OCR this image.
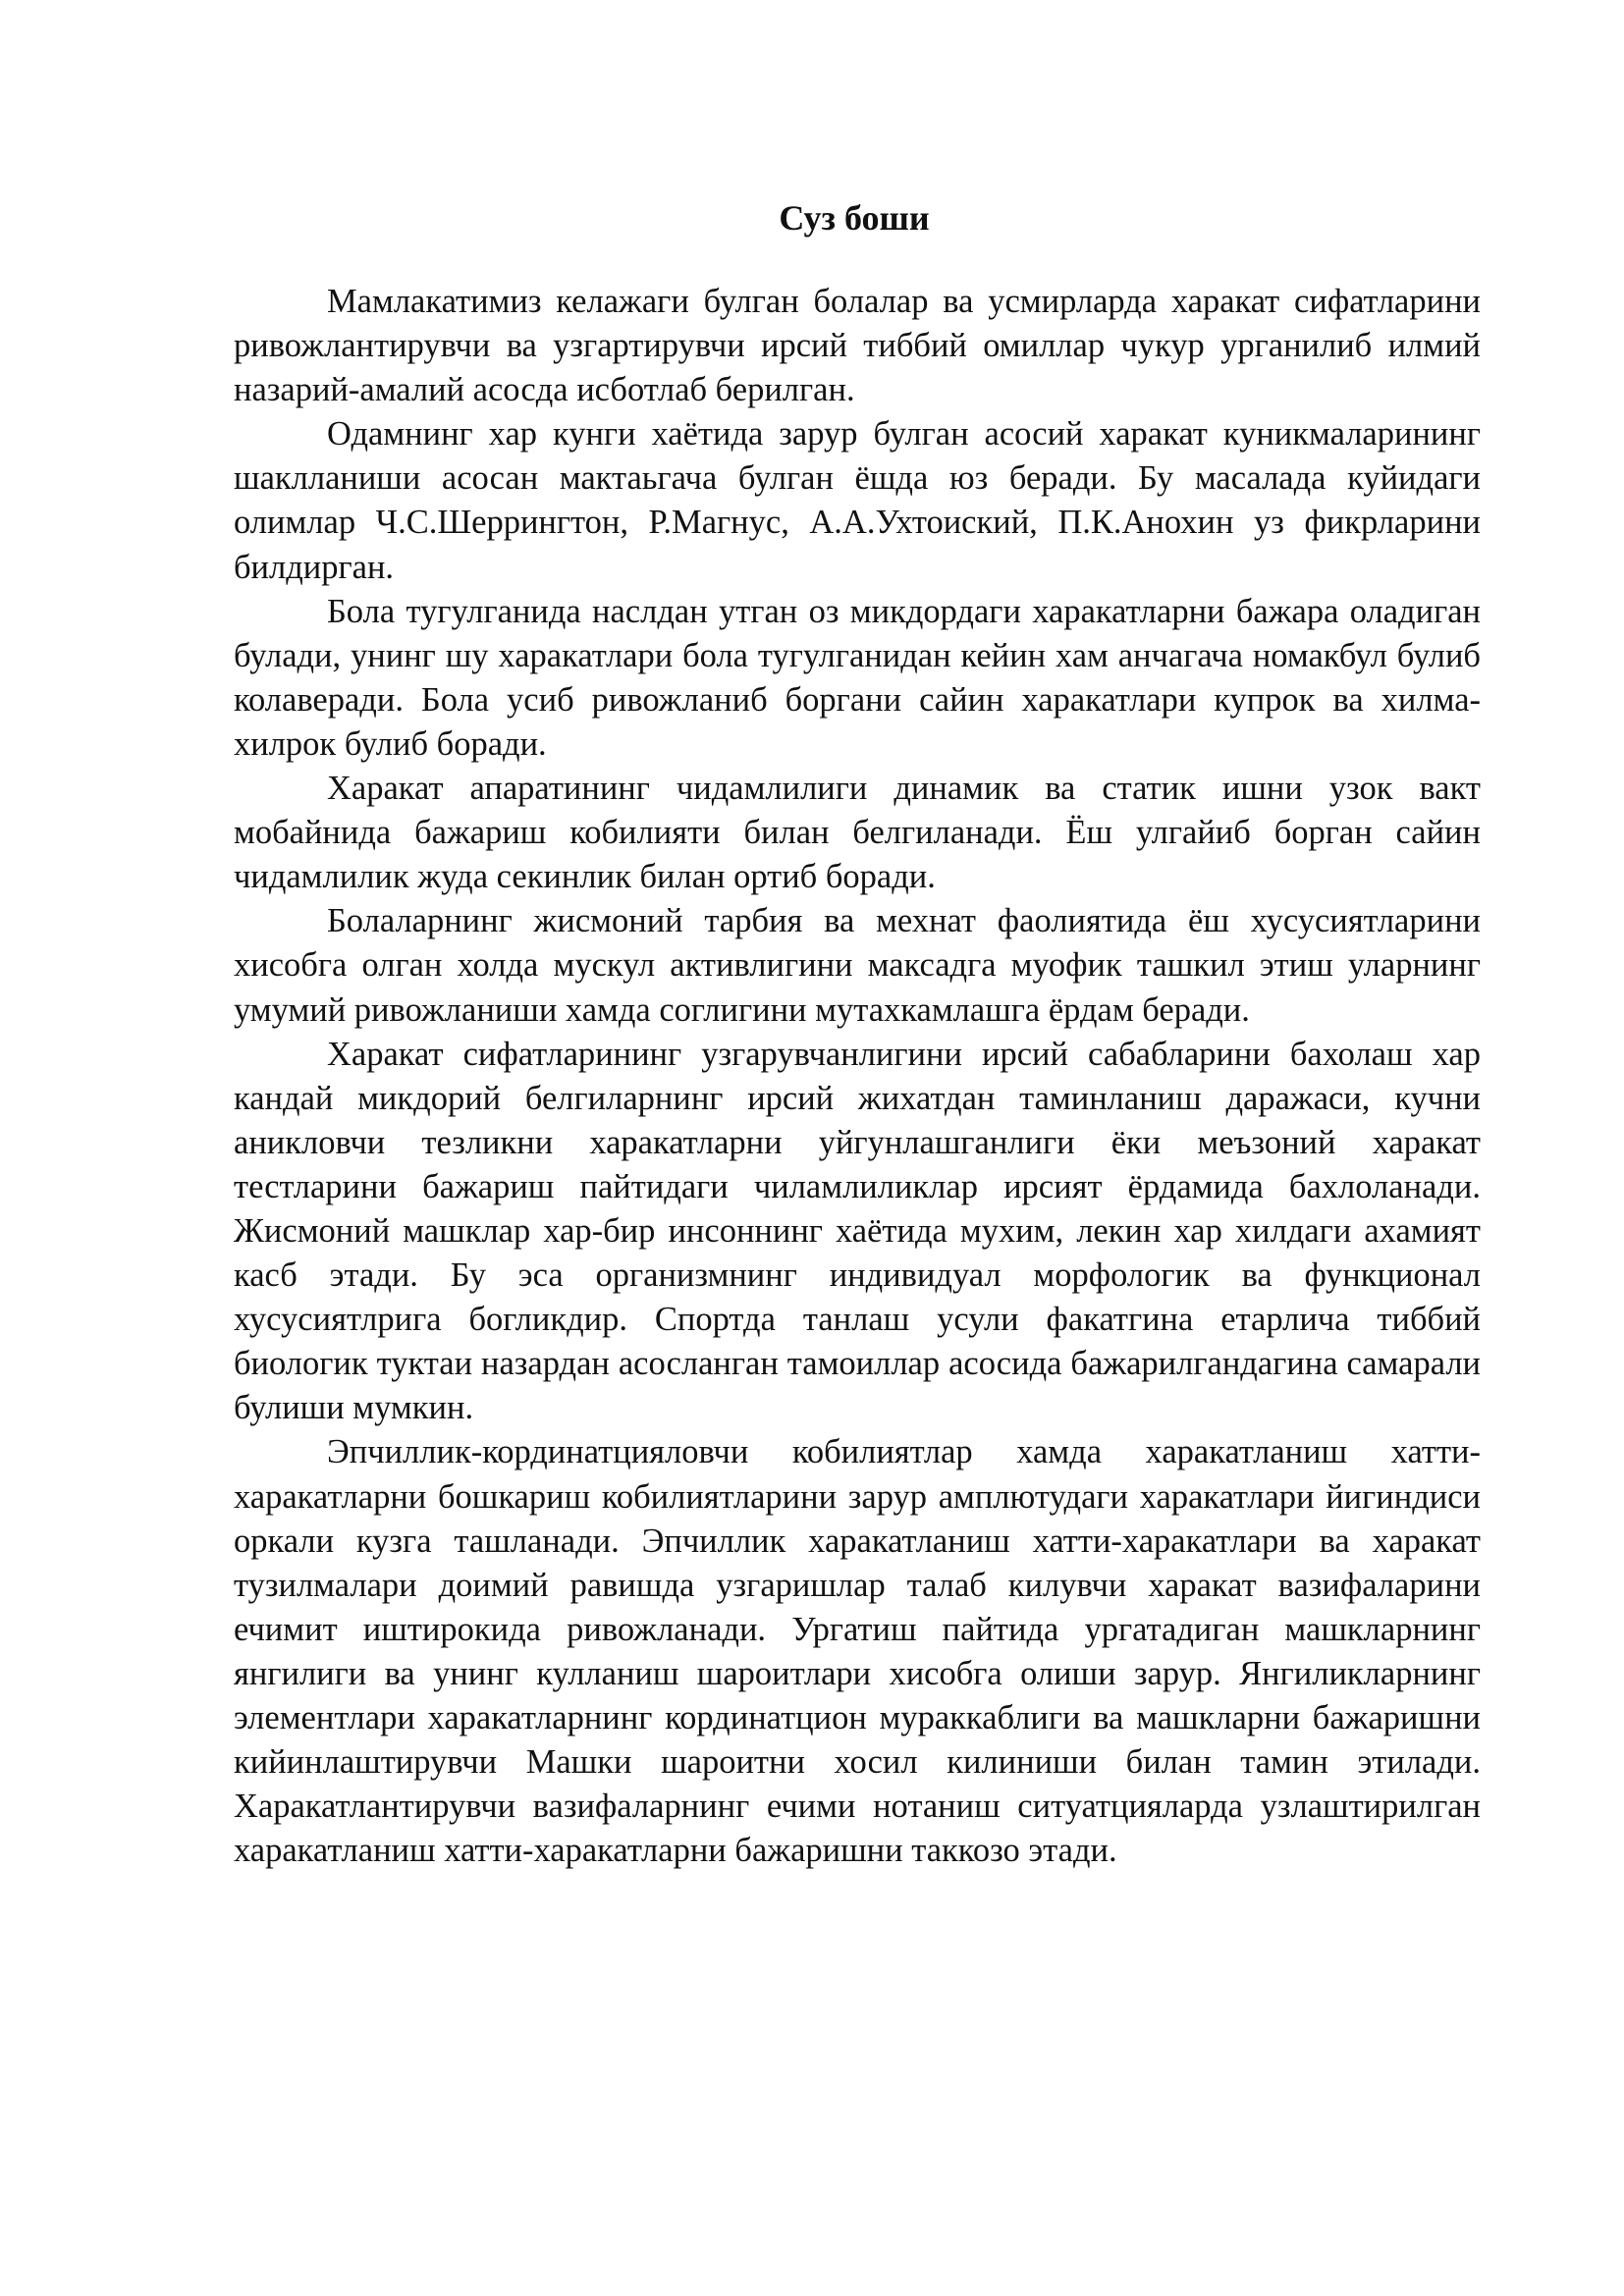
Суз боши

Мамлакатимиз келажаги булган болалар ва усмирларда харакат сифатларини ривожлантирувчи ва узгартирувчи ирсий тиббий омиллар чукур урганилиб илмий назарий-амалий асосда исботлаб берилган.

Одамнинг хар кунги хаётида зарур булган асосий харакат куникмаларининг шаклланиши асосан мактаьгача булган ёшда юз беради. Бу масалада куйидаги олимлар Ч.С.Шеррингтон, Р.Магнус, А.А.Ухтоиский, П.К.Анохин уз фикрларини билдирган.

Бола тугулганида наслдан утган оз микдордаги харакатларни бажара оладиган булади, унинг шу харакатлари бола тугулганидан кейин хам анчагача номакбул булиб колаверади. Бола усиб ривожланиб боргани сайин харакатлари купрок ва хилма-хилрок булиб боради.

Харакат апаратининг чидамлилиги динамик ва статик ишни узок вакт мобайнида бажариш кобилияти билан белгиланади. Ёш улгайиб борган сайин чидамлилик жуда секинлик билан ортиб боради.

Болаларнинг жисмоний тарбия ва мехнат фаолиятида ёш хусусиятларини хисобга олган холда мускул активлигини максадга муофик ташкил этиш уларнинг умумий ривожланиши хамда соглигини мутахкамлашга ёрдам беради.

Харакат сифатларининг узгарувчанлигини ирсий сабабларини бахолаш хар кандай микдорий белгиларнинг ирсий жихатдан таминланиш даражаси, кучни аникловчи тезликни харакатларни уйгунлашганлиги ёки меъзоний харакат тестларини бажариш пайтидаги чиламлиликлар ирсият ёрдамида бахлоланади. Жисмоний машклар хар-бир инсоннинг хаётида мухим, лекин хар хилдаги ахамият касб этади. Бу эса организмнинг индивидуал морфологик ва функционал хусусиятлрига богликдир. Спортда танлаш усули факатгина етарлича тиббий биологик туктаи назардан асосланган тамоиллар асосида бажарилгандагина самарали булиши мумкин.

Эпчиллик-кординатцияловчи кобилиятлар хамда харакатланиш хатти-харакатларни бошкариш кобилиятларини зарур амплютудаги харакатлари йигиндиси оркали кузга ташланади. Эпчиллик харакатланиш хатти-харакатлари ва харакат тузилмалари доимий равишда узгаришлар талаб килувчи харакат вазифаларини ечимит иштирокида ривожланади. Ургатиш пайтида ургатадиган машкларнинг янгилиги ва унинг кулланиш шароитлари хисобга олиши зарур. Янгиликларнинг элементлари харакатларнинг кординатцион мураккаблиги ва машкларни бажаришни кийинлаштирувчи Машки шароитни хосил килиниши билан тамин этилади. Харакатлантирувчи вазифаларнинг ечими нотаниш ситуатцияларда узлаштирилган харакатланиш хатти-харакатларни бажаришни таккозо этади.
